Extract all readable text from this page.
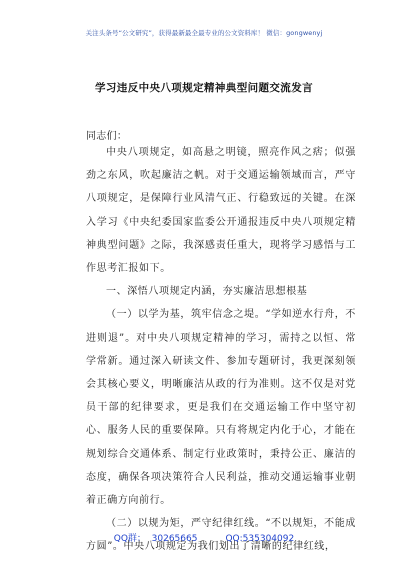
关注头条号“公文研究”，获得最新最全最专业的公文资料库！ 微信：gongwenyj
学习违反中央八项规定精神典型问题交流发言
同志们：

中央八项规定，如高悬之明镜，照亮作风之痞；似强劲之东风，吹起廉洁之帆。对于交通运输领域而言，严守八项规定，是保障行业风清气正、行稳致远的关键。在深入学习《中央纪委国家监委公开通报违反中央八项规定精神典型问题》之际，我深感责任重大，现将学习感悟与工作思考汇报如下。

一、深悟八项规定内涵，夯实廉洁思想根基

（一）以学为基，筑牢信念之堤。“学如逆水行舟，不进则退”。对中央八项规定精神的学习，需持之以恒、常学常新。通过深入研读文件、参加专题研讨，我更深刻领会其核心要义，明晰廉洁从政的行为准则。这不仅是对党员干部的纪律要求，更是我们在交通运输工作中坚守初心、服务人民的重要保障。只有将规定内化于心，才能在规划综合交通体系、制定行业政策时，秉持公正、廉洁的态度，确保各项决策符合人民利益，推动交通运输事业朝着正确方向前行。

（二）以规为矩，严守纪律红线。“不以规矩，不能成方圆”。中央八项规定为我们划出了清晰的纪律红线，

QQ群：  30265665	QQ:535304092
